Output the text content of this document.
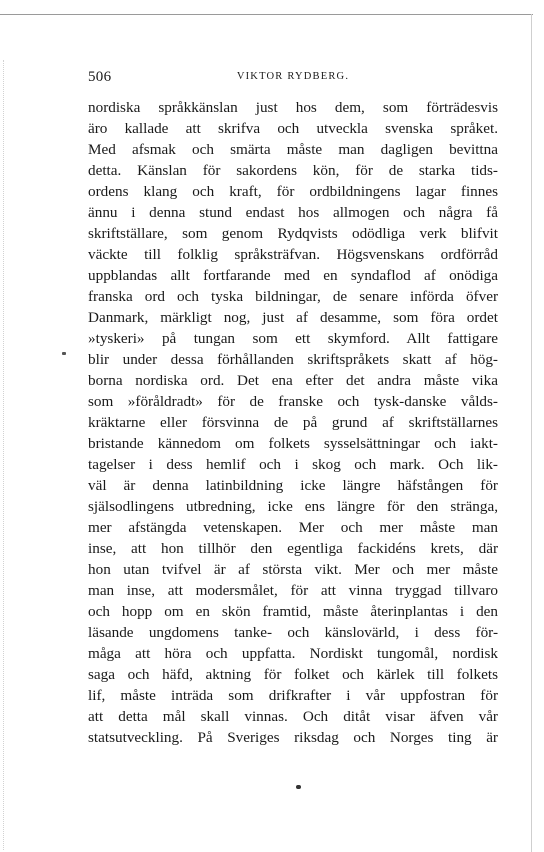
506	VIKTOR RYDBERG.
nordiska språkkänslan just hos dem, som förträdesvis
äro kallade att skrifva och utveckla svenska språket.
Med afsmak och smärta måste man dagligen bevittna
detta. Känslan för sakordens kön, för de starka tids-
ordens klang och kraft, för ordbildningens lagar finnes
ännu i denna stund endast hos allmogen och några få
skriftställare, som genom Rydqvists odödliga verk blifvit
väckte till folklig språksträfvan. Högsvenskans ordförråd
uppblandas allt fortfarande med en syndaflod af onödiga
franska ord och tyska bildningar, de senare införda öfver
Danmark, märkligt nog, just af desamme, som föra ordet
»tyskeri» på tungan som ett skymford. Allt fattigare
blir under dessa förhållanden skriftspråkets skatt af hög-
borna nordiska ord. Det ena efter det andra måste vika
som »föråldradt» för de franske och tysk-danske vålds-
kräktarne eller försvinna de på grund af skriftställarnes
bristande kännedom om folkets sysselsättningar och iakt-
tagelser i dess hemlif och i skog och mark. Och lik-
väl är denna latinbildning icke längre häfstången för
själsodlingens utbredning, icke ens längre för den stränga,
mer afstängda vetenskapen. Mer och mer måste man
inse, att hon tillhör den egentliga fackidéns krets, där
hon utan tvifvel är af största vikt. Mer och mer måste
man inse, att modersmålet, för att vinna tryggad tillvaro
och hopp om en skön framtid, måste återinplantas i den
läsande ungdomens tanke- och känslovärld, i dess för-
måga att höra och uppfatta. Nordiskt tungomål, nordisk
saga och häfd, aktning för folket och kärlek till folkets
lif, måste inträda som drifkrafter i vår uppfostran för
att detta mål skall vinnas. Och ditåt visar äfven vår
statsutveckling. På Sveriges riksdag och Norges ting är
